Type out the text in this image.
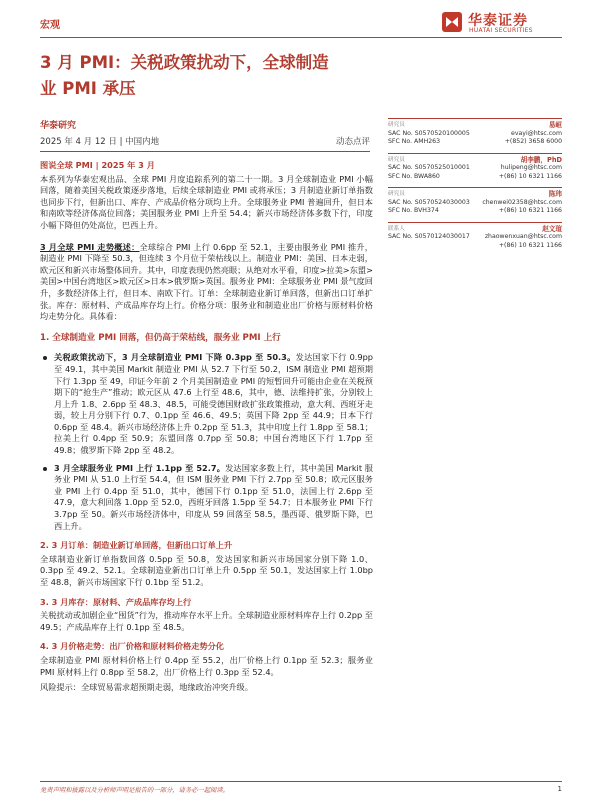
宏观	华泰证券
HUATAI SECURITIES
3 月 PMI：关税政策扰动下，全球制造
业 PMI 承压
华泰研究
2025 年 4 月 12 日 | 中国内地	动态点评
图说全球 PMI | 2025 年 3 月
本系列为华泰宏观出品、全球 PMI 月度追踪系列的第二十一期。3 月全球制造业 PMI 小幅回落，随着美国关税政策逐步落地，后续全球制造业 PMI 或将承压；3 月制造业新订单指数也同步下行，但新出口、库存、产成品价格分项均上升。全球服务业 PMI 普遍回升，但日本和南欧等经济体高位回落；美国服务业 PMI 上升至 54.4；新兴市场经济体多数下行，印度小幅下降但仍处高位，巴西上升。
3 月全球 PMI 走势概述：全球综合 PMI 上行 0.6pp 至 52.1，主要由服务业 PMI 推升，制造业 PMI 下降至 50.3，但连续 3 个月位于荣枯线以上。制造业 PMI：美国、日本走弱，欧元区和新兴市场整体回升。其中，印度表现仍然亮眼；从绝对水平看，印度>拉美>东盟>美国>中国台湾地区>欧元区>日本>俄罗斯>英国。服务业 PMI：全球服务业 PMI 景气度回升，多数经济体上行，但日本、南欧下行。订单：全球制造业新订单回落，但新出口订单扩张。库存：原材料、产成品库存均上行。价格分项：服务业和制造业出厂价格与原材料价格均走势分化。具体看：
1. 全球制造业 PMI 回落，但仍高于荣枯线，服务业 PMI 上行
关税政策扰动下，3 月全球制造业 PMI 下降 0.3pp 至 50.3。发达国家下行 0.9pp 至 49.1，其中美国 Markit 制造业 PMI 从 52.7 下行至 50.2，ISM 制造业 PMI 超预期下行 1.3pp 至 49，印证今年前 2 个月美国制造业 PMI 的短暂回升可能由企业在关税预期下的“抢生产”推动；欧元区从 47.6 上行至 48.6，其中，德、法维持扩张，分别较上月上升 1.8、2.6pp 至 48.3、48.5，可能受德国财政扩张政策推动，意大利、西班牙走弱，较上月分别下行 0.7、0.1pp 至 46.6、49.5；英国下降 2pp 至 44.9；日本下行 0.6pp 至 48.4。新兴市场经济体上升 0.2pp 至 51.3，其中印度上行 1.8pp 至 58.1；拉美上行 0.4pp 至 50.9；东盟回落 0.7pp 至 50.8；中国台湾地区下行 1.7pp 至 49.8；俄罗斯下降 2pp 至 48.2。
3 月全球服务业 PMI 上行 1.1pp 至 52.7。发达国家多数上行，其中美国 Markit 服务业 PMI 从 51.0 上行至 54.4，但 ISM 服务业 PMI 下行 2.7pp 至 50.8；欧元区服务业 PMI 上行 0.4pp 至 51.0，其中，德国下行 0.1pp 至 51.0，法国上行 2.6pp 至 47.9，意大利回落 1.0pp 至 52.0，西班牙回落 1.5pp 至 54.7；日本服务业 PMI 下行 3.7pp 至 50。新兴市场经济体中，印度从 59 回落至 58.5，墨西哥、俄罗斯下降，巴西上升。
2. 3 月订单：制造业新订单回落，但新出口订单上升
全球制造业新订单指数回落 0.5pp 至 50.8，发达国家和新兴市场国家分别下降 1.0、0.3pp 至 49.2、52.1。全球制造业新出口订单上升 0.5pp 至 50.1，发达国家上行 1.0bp 至 48.8，新兴市场国家下行 0.1bp 至 51.2。
3. 3 月库存：原材料、产成品库存均上行
关税扰动或加剧企业“囤货”行为，推动库存水平上升。全球制造业原材料库存上行 0.2pp 至 49.5；产成品库存上行 0.1pp 至 48.5。
4. 3 月价格走势：出厂价格和原材料价格走势分化
全球制造业 PMI 原材料价格上行 0.4pp 至 55.2，出厂价格上行 0.1pp 至 52.3；服务业 PMI 原材料上行 0.8pp 至 58.2，出厂价格上行 0.3pp 至 52.4。
风险提示：全球贸易需求超预期走弱，地缘政治冲突升级。
研究员	易峘
SAC No. S0570520100005	evayi@htsc.com
SFC No. AMH263	+(852) 3658 6000
研究员	胡李鹏，PhD
SAC No. S0570525010001	hulipeng@htsc.com
SFC No. BWA860	+(86) 10 6321 1166
研究员	陈玮
SAC No. S0570524030003 chenwei02358@htsc.com
SFC No. BVH374	+(86) 10 6321 1166
联系人	赵文瑄
SAC No. S0570124030017 zhaowenxuan@htsc.com
+(86) 10 6321 1166
免责声明和披露以及分析师声明是报告的一部分，请务必一起阅读。	1
